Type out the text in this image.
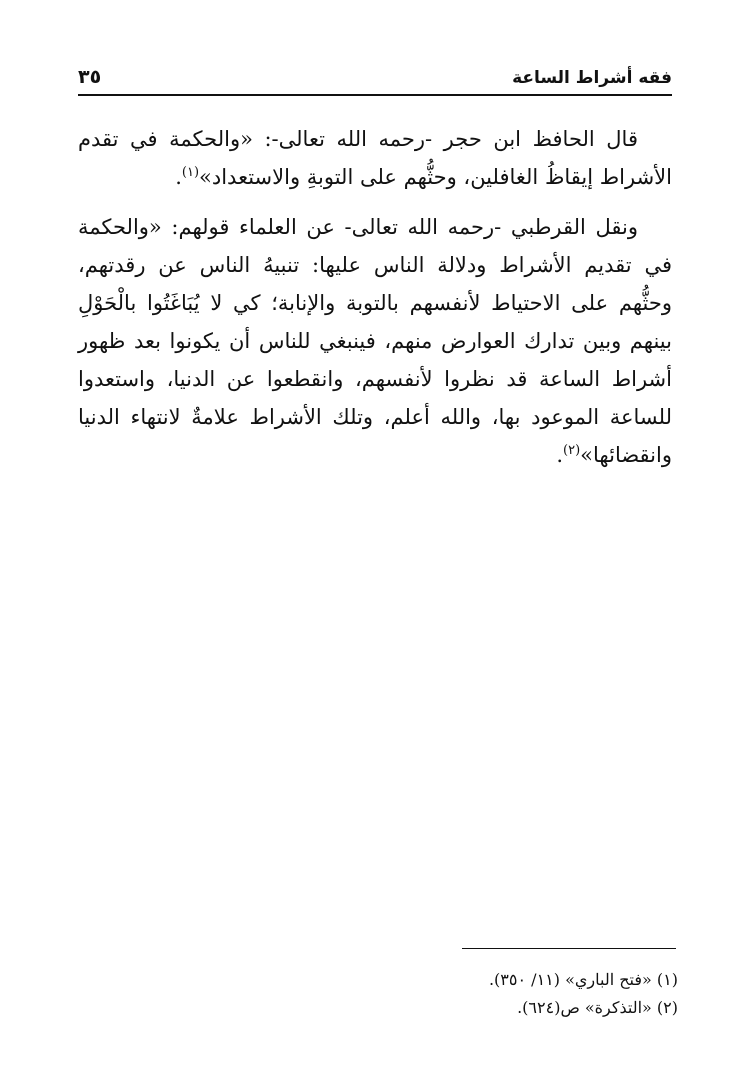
فقه أشراط الساعة
٣٥

قال الحافظ ابن حجر -رحمه الله تعالى-: «والحكمة في تقدم الأشراط إيقاظُ الغافلين، وحثُّهم على التوبةِ والاستعداد»$^{(١)}$.

ونقل القرطبي -رحمه الله تعالى- عن العلماء قولهم: «والحكمة في تقديم الأشراط ودلالة الناس عليها: تنبيهُ الناس عن رقدتهم، وحثُّهم على الاحتياط لأنفسهم بالتوبة والإنابة؛ كي لا يُبَاغَتُوا بالْحَوْلِ بينهم وبين تدارك العوارض منهم، فينبغي للناس أن يكونوا بعد ظهور أشراط الساعة قد نظروا لأنفسهم، وانقطعوا عن الدنيا، واستعدوا للساعة الموعود بها، والله أعلم، وتلك الأشراط علامةٌ لانتهاء الدنيا وانقضائها»$^{(٢)}$.

(١) «فتح الباري» (١١/ ٣٥٠).
(٢) «التذكرة» ص(٦٢٤).
